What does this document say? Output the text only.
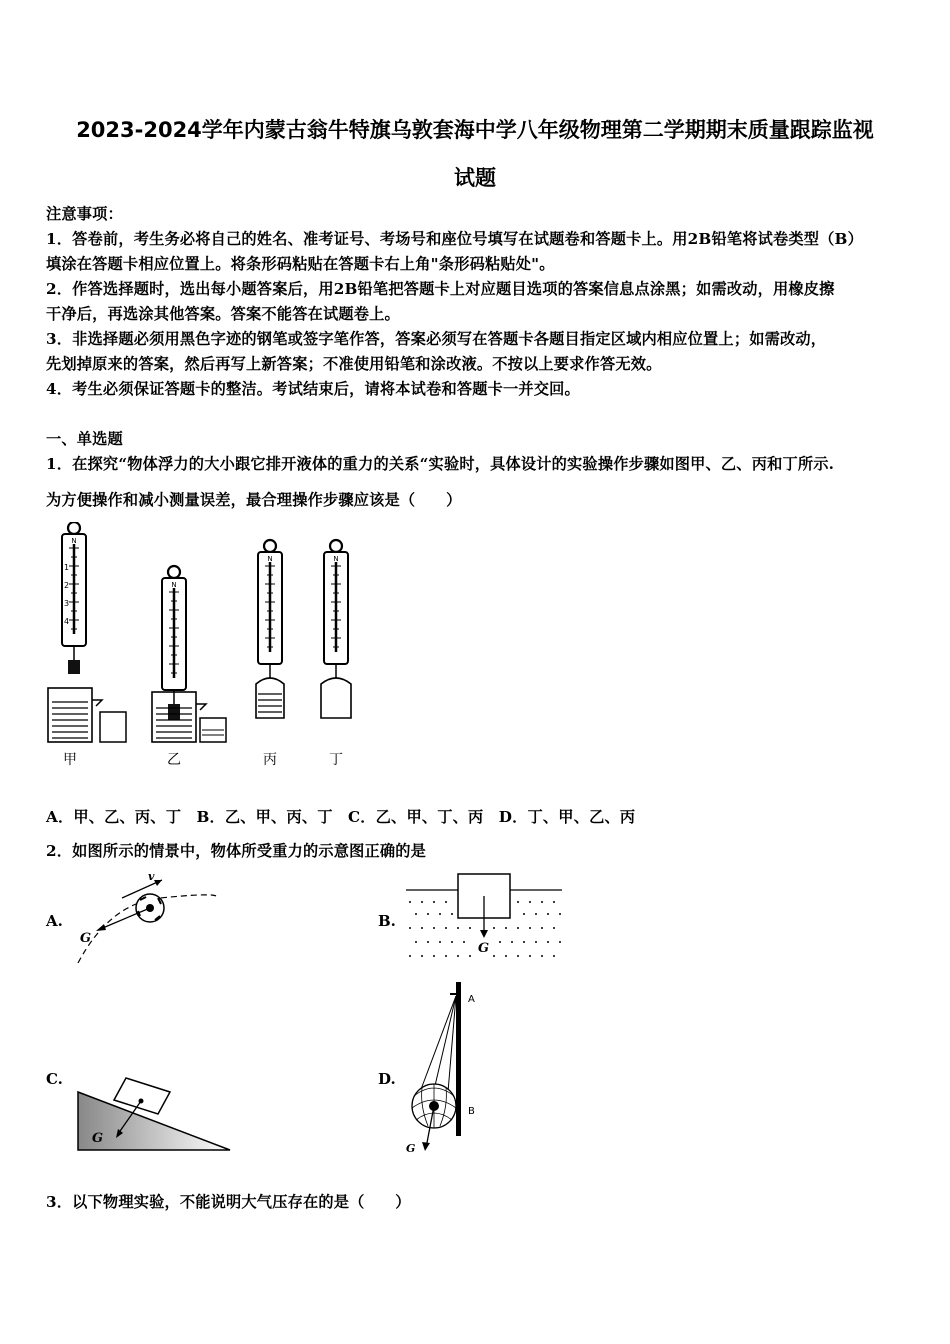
2023-2024学年内蒙古翁牛特旗乌敦套海中学八年级物理第二学期期末质量跟踪监视
试题
注意事项：
1．答卷前，考生务必将自己的姓名、准考证号、考场号和座位号填写在试题卷和答题卡上。用2B铅笔将试卷类型（B）
填涂在答题卡相应位置上。将条形码粘贴在答题卡右上角"条形码粘贴处"。
2．作答选择题时，选出每小题答案后，用2B铅笔把答题卡上对应题目选项的答案信息点涂黑；如需改动，用橡皮擦
干净后，再选涂其他答案。答案不能答在试题卷上。
3．非选择题必须用黑色字迹的钢笔或签字笔作答，答案必须写在答题卡各题目指定区域内相应位置上；如需改动，
先划掉原来的答案，然后再写上新答案；不准使用铅笔和涂改液。不按以上要求作答无效。
4．考生必须保证答题卡的整洁。考试结束后，请将本试卷和答题卡一并交回。
一、单选题
1．在探究“物体浮力的大小跟它排开液体的重力的关系“实验时，具体设计的实验操作步骤如图甲、乙、丙和丁所示.
为方便操作和减小测量误差，最合理操作步骤应该是（　　）
N
1
2
3
4
甲
N
乙
N
丙
N
丁
A．甲、乙、丙、丁　B．乙、甲、丙、丁　C．乙、甲、丁、丙　D．丁、甲、乙、丙
2．如图所示的情景中，物体所受重力的示意图正确的是
A.
v
G
B.
G
C.
G
D.
A
B
G
3．以下物理实验，不能说明大气压存在的是（　　）
